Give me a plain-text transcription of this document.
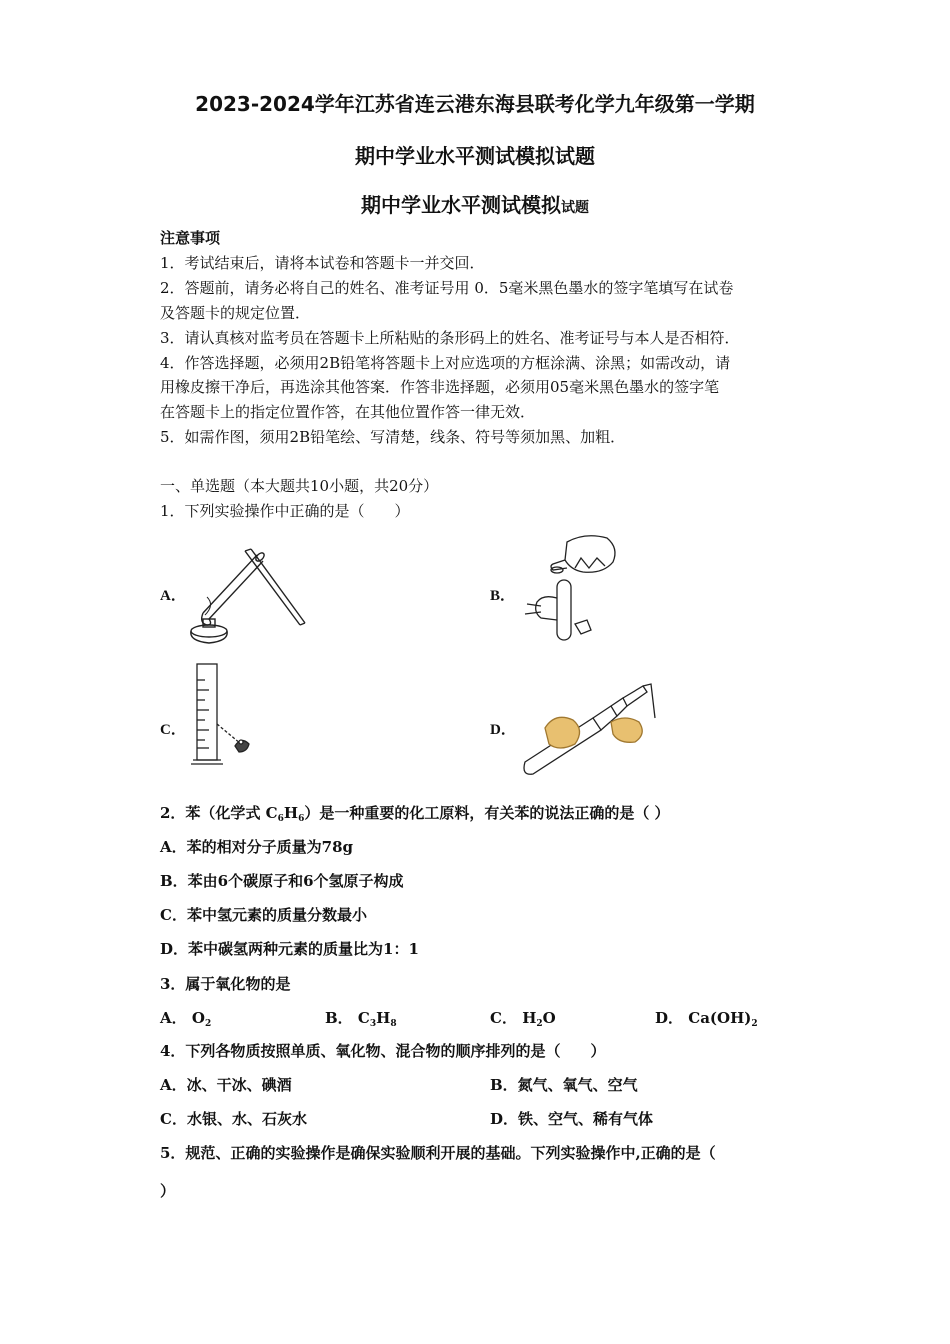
2023-2024学年江苏省连云港东海县联考化学九年级第一学期
期中学业水平测试模拟试题
期中学业水平测试模拟试题
注意事项
1．考试结束后，请将本试卷和答题卡一并交回．
2．答题前，请务必将自己的姓名、准考证号用 0．5毫米黑色墨水的签字笔填写在试卷
及答题卡的规定位置．
3．请认真核对监考员在答题卡上所粘贴的条形码上的姓名、准考证号与本人是否相符．
4．作答选择题，必须用2B铅笔将答题卡上对应选项的方框涂满、涂黑；如需改动，请
用橡皮擦干净后，再选涂其他答案．作答非选择题，必须用05毫米黑色墨水的签字笔
在答题卡上的指定位置作答，在其他位置作答一律无效．
5．如需作图，须用2B铅笔绘、写清楚，线条、符号等须加黑、加粗．
一、单选题（本大题共10小题，共20分）
1．下列实验操作中正确的是（　　）
A．	B．
C．	D．
2．苯（化学式 $C_6H_6$）是一种重要的化工原料，有关苯的说法正确的是（ ）
A．苯的相对分子质量为78g
B．苯由6个碳原子和6个氢原子构成
C．苯中氢元素的质量分数最小
D．苯中碳氢两种元素的质量比为1：1
3．属于氧化物的是
A． $O_2$	B． $C_3H_8$	C． $H_2O$	D． $Ca(OH)_2$
4．下列各物质按照单质、氧化物、混合物的顺序排列的是（　　）
A．冰、干冰、碘酒	B．氮气、氧气、空气
C．水银、水、石灰水	D．铁、空气、稀有气体
5．规范、正确的实验操作是确保实验顺利开展的基础。下列实验操作中,正确的是（
）
